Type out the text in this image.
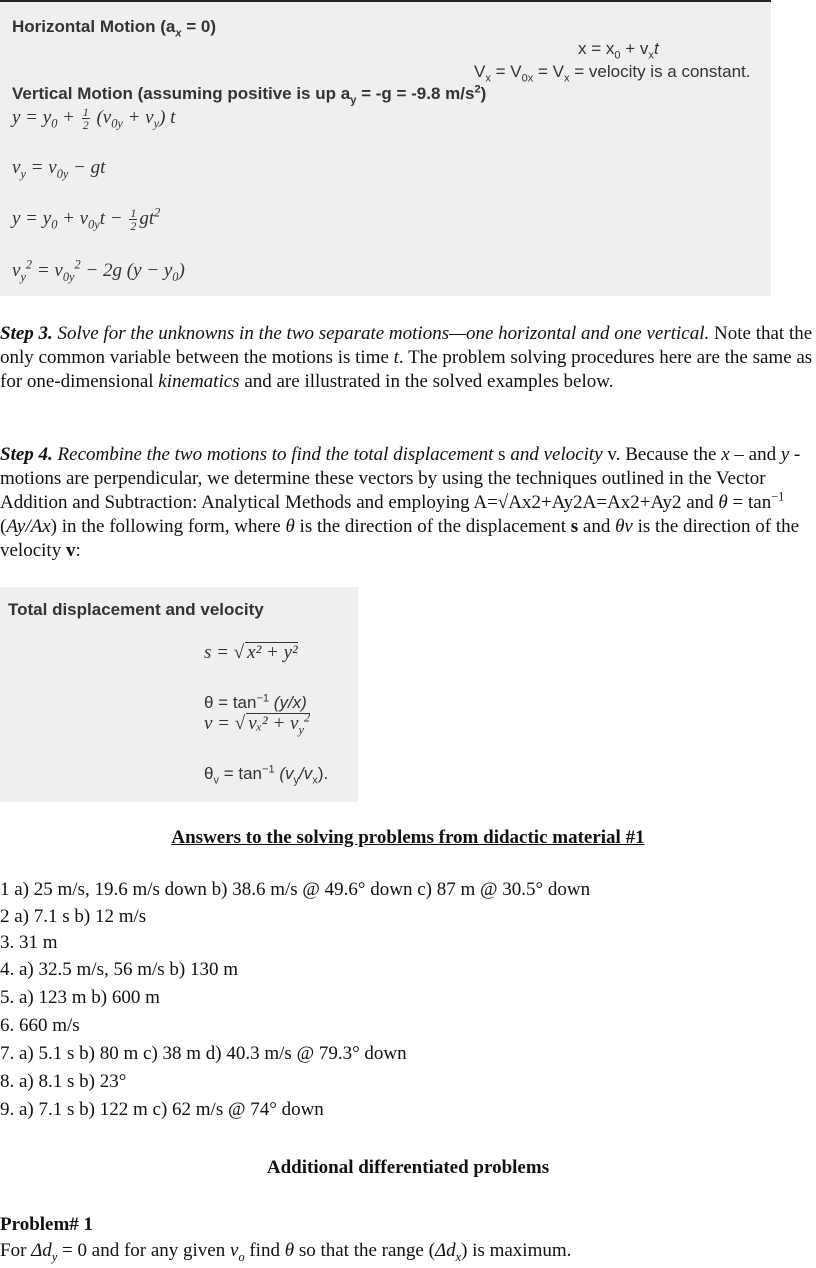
Horizontal Motion $(a_x = 0)$
$x = x_0 + v_xt$
$V_x = V_{0x} = V_x$ = velocity is a constant.
Vertical Motion (assuming positive is up $a_y = -g = -9.8$ $m/s^2$)
$y = y_0 + \frac{1}{2} (v_{0y} + v_y)$ t
$v_y = v_{0y}$ − gt
$y = y_0 + v_{0y}t - \frac{1}{2} gt^2$
$v_y^2 = v_{0y}^2 - 2g$ $(y - y_0)$

Step 3. Solve for the unknowns in the two separate motions—one horizontal and one vertical. Note that the only common variable between the motions is time t. The problem solving procedures here are the same as for one-dimensional kinematics and are illustrated in the solved examples below.

Step 4. Recombine the two motions to find the total displacement s and velocity v. Because the x – and y -motions are perpendicular, we determine these vectors by using the techniques outlined in the Vector Addition and Subtraction: Analytical Methods and employing A=√Ax2+Ay2A=Ax2+Ay2 and $\theta = \tan^{-1} (Ay/Ax)$ in the following form, where θ is the direction of the displacement s and θv is the direction of the velocity v:

Total displacement and velocity
s = √ x² + y²
$\theta = \tan^{-1} (y/x)$
v = √ $v_x^2 + v_y^2$
$\theta_v = \tan^{-1} (v_y/v_x)$.
Answers to the solving problems from didactic material #1
1 a) 25 m/s, 19.6 m/s down b) 38.6 m/s @ 49.6° down c) 87 m @ 30.5° down
2 a) 7.1 s b) 12 m/s
3. 31 m
4. a) 32.5 m/s, 56 m/s b) 130 m
5. a) 123 m b) 600 m
6. 660 m/s
7. a) 5.1 s b) 80 m c) 38 m d) 40.3 m/s @ 79.3° down
8. a) 8.1 s b) 23°
9. a) 7.1 s b) 122 m c) 62 m/s @ 74° down
Additional differentiated problems
Problem# 1
For $\Delta d_y = 0$ and for any given $v_o$ find θ so that the range $(\Delta d_x)$ is maximum.
